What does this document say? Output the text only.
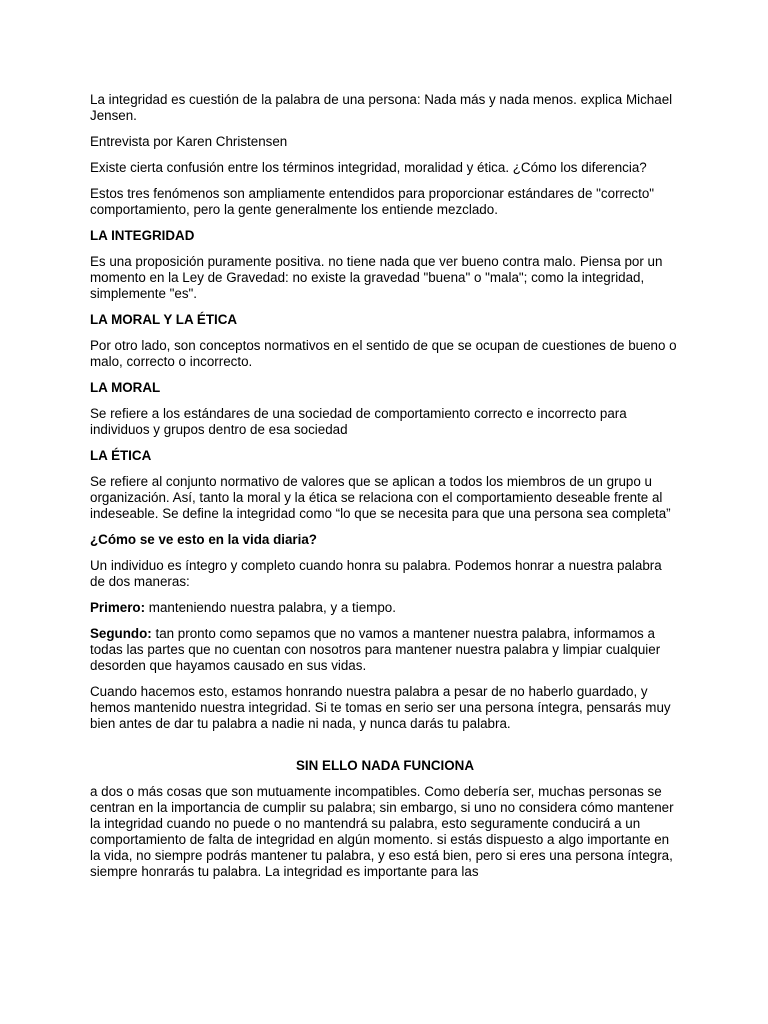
La integridad es cuestión de la palabra de una persona: Nada más y nada menos. explica Michael Jensen.

Entrevista por Karen Christensen

Existe cierta confusión entre los términos integridad, moralidad y ética. ¿Cómo los diferencia?

Estos tres fenómenos son ampliamente entendidos para proporcionar estándares de "correcto" comportamiento, pero la gente generalmente los entiende mezclado.

LA INTEGRIDAD

Es una proposición puramente positiva. no tiene nada que ver bueno contra malo. Piensa por un momento en la Ley de Gravedad: no existe la gravedad "buena" o "mala"; como la integridad, simplemente "es".

LA MORAL Y LA ÉTICA

Por otro lado, son conceptos normativos en el sentido de que se ocupan de cuestiones de bueno o malo, correcto o incorrecto.

LA MORAL

Se refiere a los estándares de una sociedad de comportamiento correcto e incorrecto para individuos y grupos dentro de esa sociedad

LA ÉTICA

Se refiere al conjunto normativo de valores que se aplican a todos los miembros de un grupo u organización. Así, tanto la moral y la ética se relaciona con el comportamiento deseable frente al indeseable. Se define la integridad como “lo que se necesita para que una persona sea completa”

¿Cómo se ve esto en la vida diaria?

Un individuo es íntegro y completo cuando honra su palabra. Podemos honrar a nuestra palabra de dos maneras:

Primero: manteniendo nuestra palabra, y a tiempo.

Segundo: tan pronto como sepamos que no vamos a mantener nuestra palabra, informamos a todas las partes que no cuentan con nosotros para mantener nuestra palabra y limpiar cualquier desorden que hayamos causado en sus vidas.

Cuando hacemos esto, estamos honrando nuestra palabra a pesar de no haberlo guardado, y hemos mantenido nuestra integridad. Si te tomas en serio ser una persona íntegra, pensarás muy bien antes de dar tu palabra a nadie ni nada, y nunca darás tu palabra.

SIN ELLO NADA FUNCIONA

a dos o más cosas que son mutuamente incompatibles. Como debería ser, muchas personas se centran en la importancia de cumplir su palabra; sin embargo, si uno no considera cómo mantener la integridad cuando no puede o no mantendrá su palabra, esto seguramente conducirá a un comportamiento de falta de integridad en algún momento. si estás dispuesto a algo importante en la vida, no siempre podrás mantener tu palabra, y eso está bien, pero si eres una persona íntegra, siempre honrarás tu palabra. La integridad es importante para las
